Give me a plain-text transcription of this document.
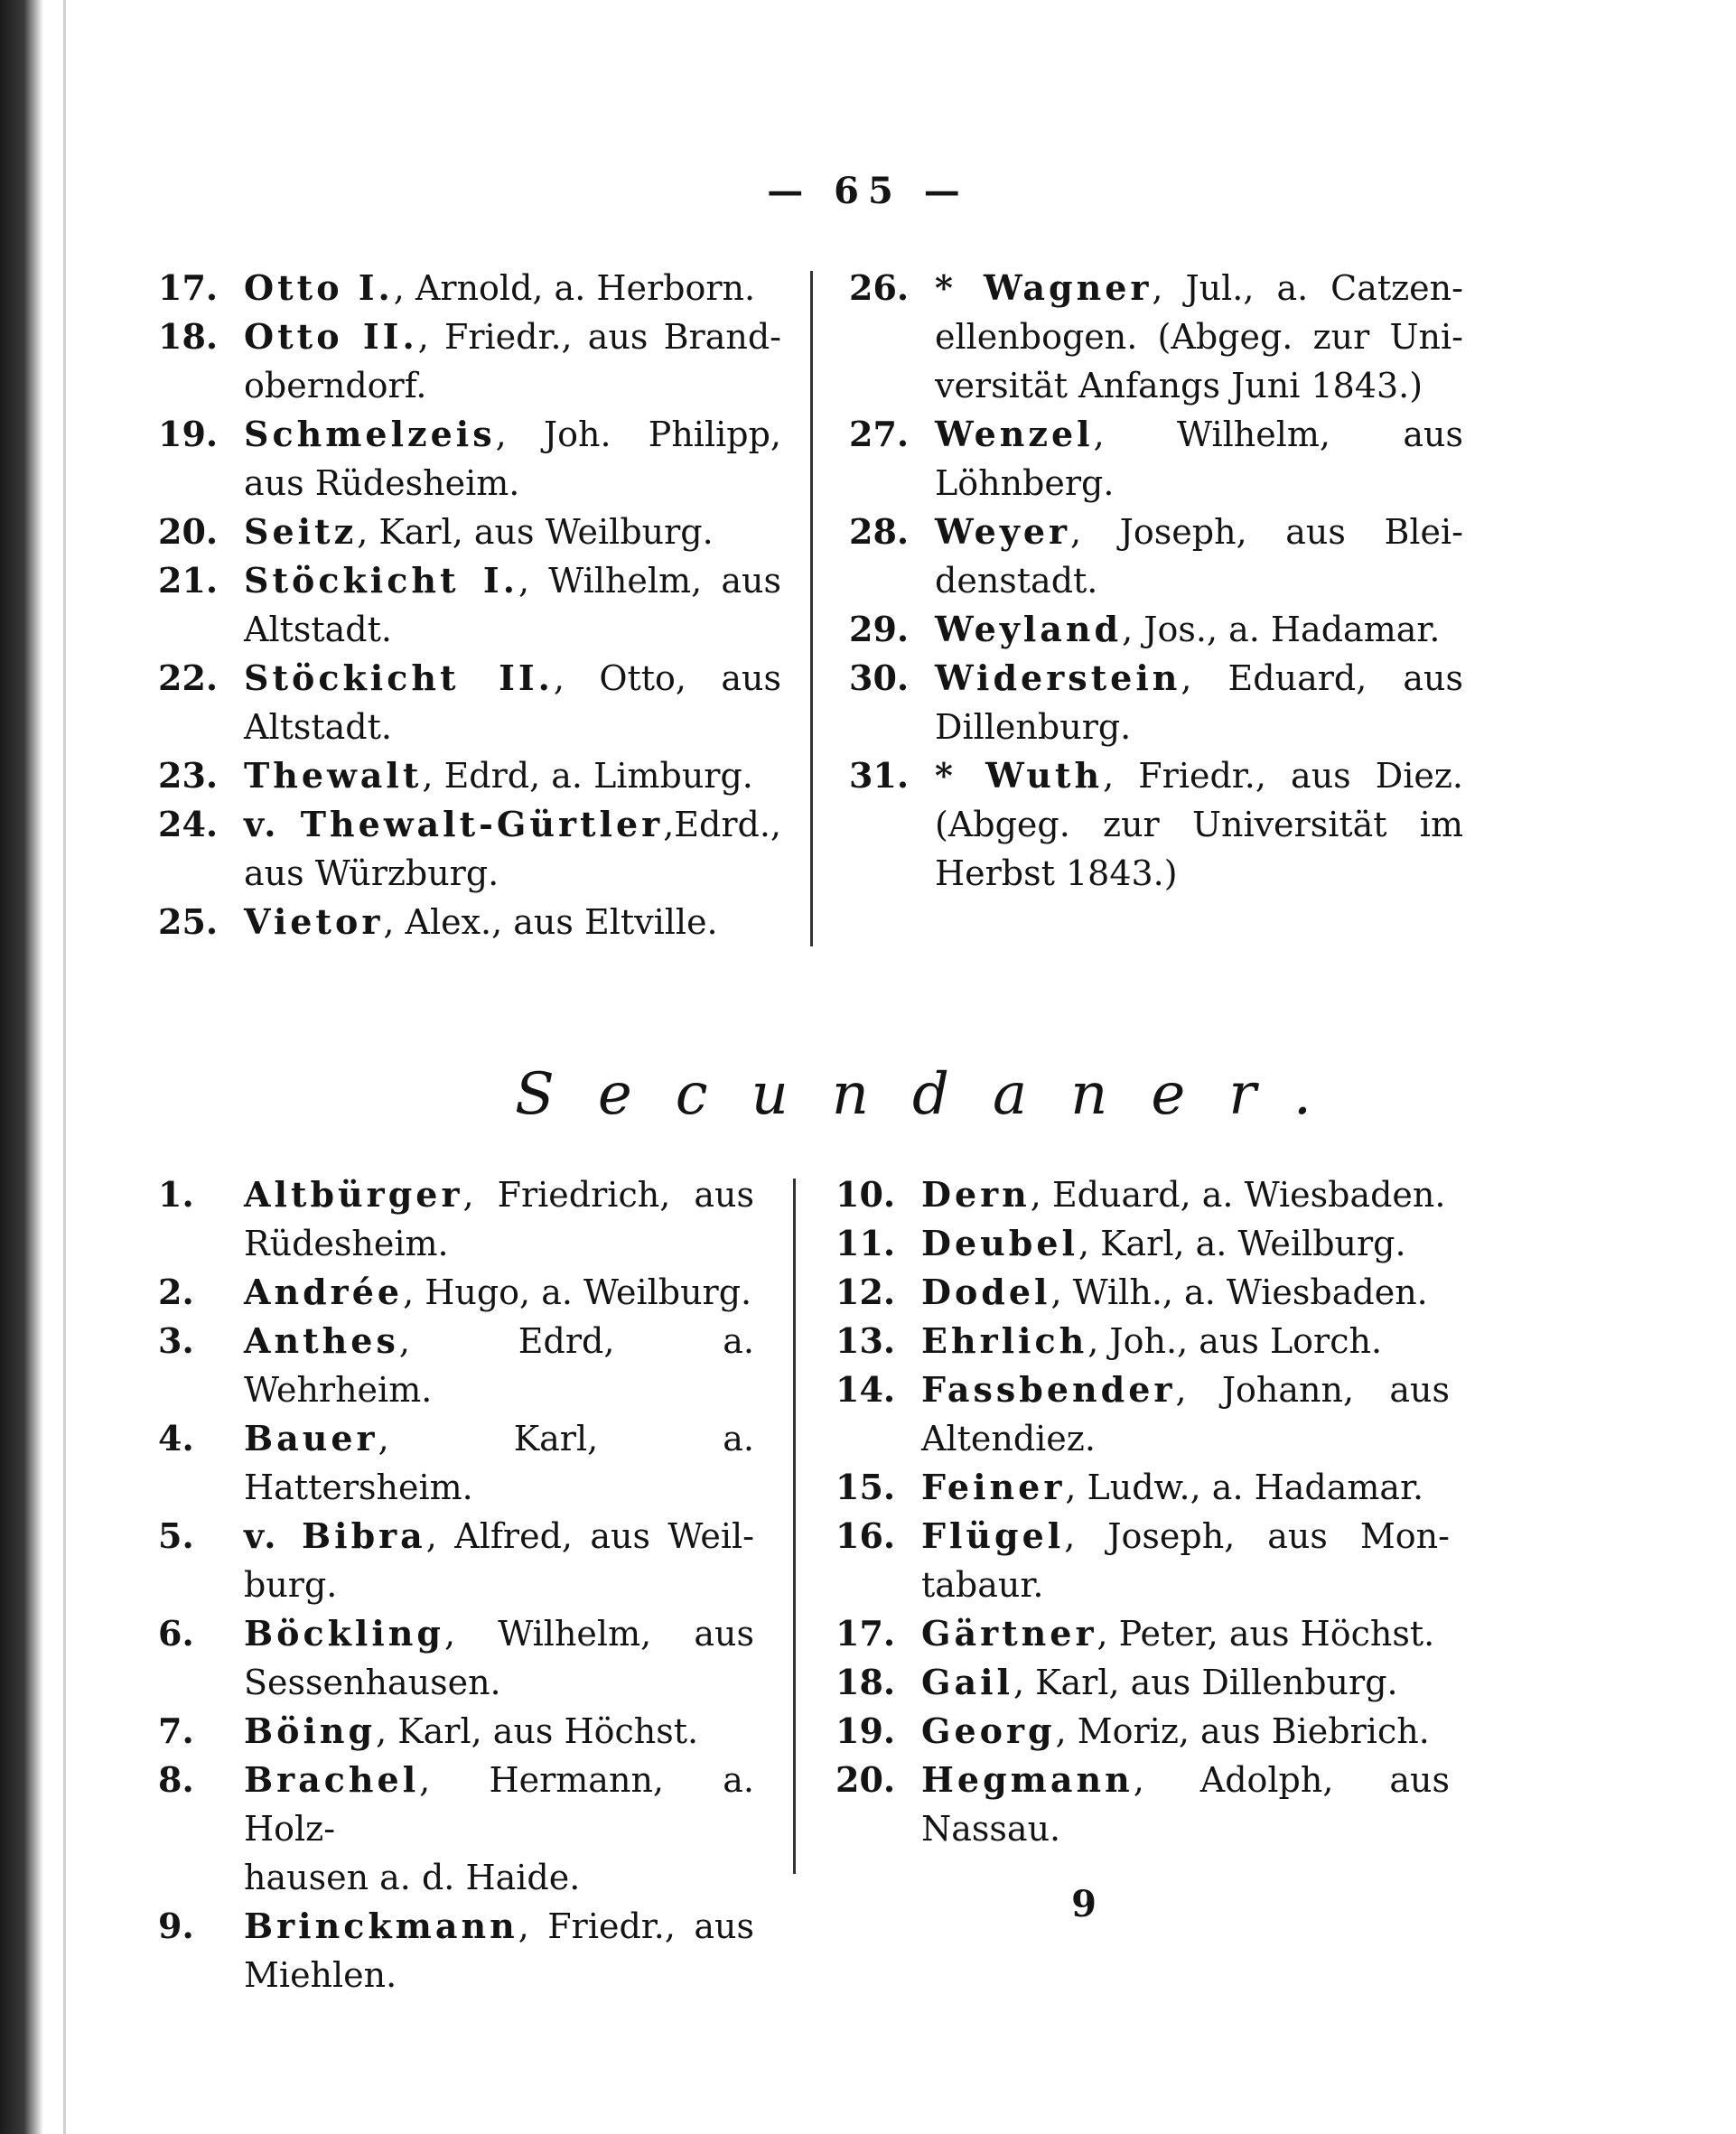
— 65 —
17. Otto I., Arnold, a. Herborn.
18. Otto II., Friedr., aus Brand-
oberndorf.
19. Schmelzeis, Joh. Philipp,
aus Rüdesheim.
20. Seitz, Karl, aus Weilburg.
21. Stöckicht I., Wilhelm, aus
Altstadt.
22. Stöckicht II., Otto, aus
Altstadt.
23. Thewalt, Edrd, a. Limburg.
24. v. Thewalt-Gürtler,Edrd.,
aus Würzburg.
25. Vietor, Alex., aus Eltville.
26. * Wagner, Jul., a. Catzen-
ellenbogen. (Abgeg. zur Uni-
versität Anfangs Juni 1843.)
27. Wenzel, Wilhelm, aus
Löhnberg.
28. Weyer, Joseph, aus Blei-
denstadt.
29. Weyland, Jos., a. Hadamar.
30. Widerstein, Eduard, aus
Dillenburg.
31. * Wuth, Friedr., aus Diez.
(Abgeg. zur Universität im
Herbst 1843.)
Secundaner.
1.	Altbürger, Friedrich, aus
Rüdesheim.
2.	Andrée, Hugo, a. Weilburg.
3.	Anthes, Edrd, a. Wehrheim.
4.	Bauer, Karl, a. Hattersheim.
5.	v. Bibra, Alfred, aus Weil-
burg.
6.	Böckling, Wilhelm, aus
Sessenhausen.
7.	Böing, Karl, aus Höchst.
8.	Brachel, Hermann, a. Holz-
hausen a. d. Haide.
9.	Brinckmann, Friedr., aus
Miehlen.
10. Dern, Eduard, a. Wiesbaden.
11. Deubel, Karl, a. Weilburg.
12. Dodel, Wilh., a. Wiesbaden.
13. Ehrlich, Joh., aus Lorch.
14. Fassbender, Johann, aus
Altendiez.
15. Feiner, Ludw., a. Hadamar.
16. Flügel, Joseph, aus Mon-
tabaur.
17. Gärtner, Peter, aus Höchst.
18. Gail, Karl, aus Dillenburg.
19. Georg, Moriz, aus Biebrich.
20. Hegmann, Adolph, aus
Nassau.
9
